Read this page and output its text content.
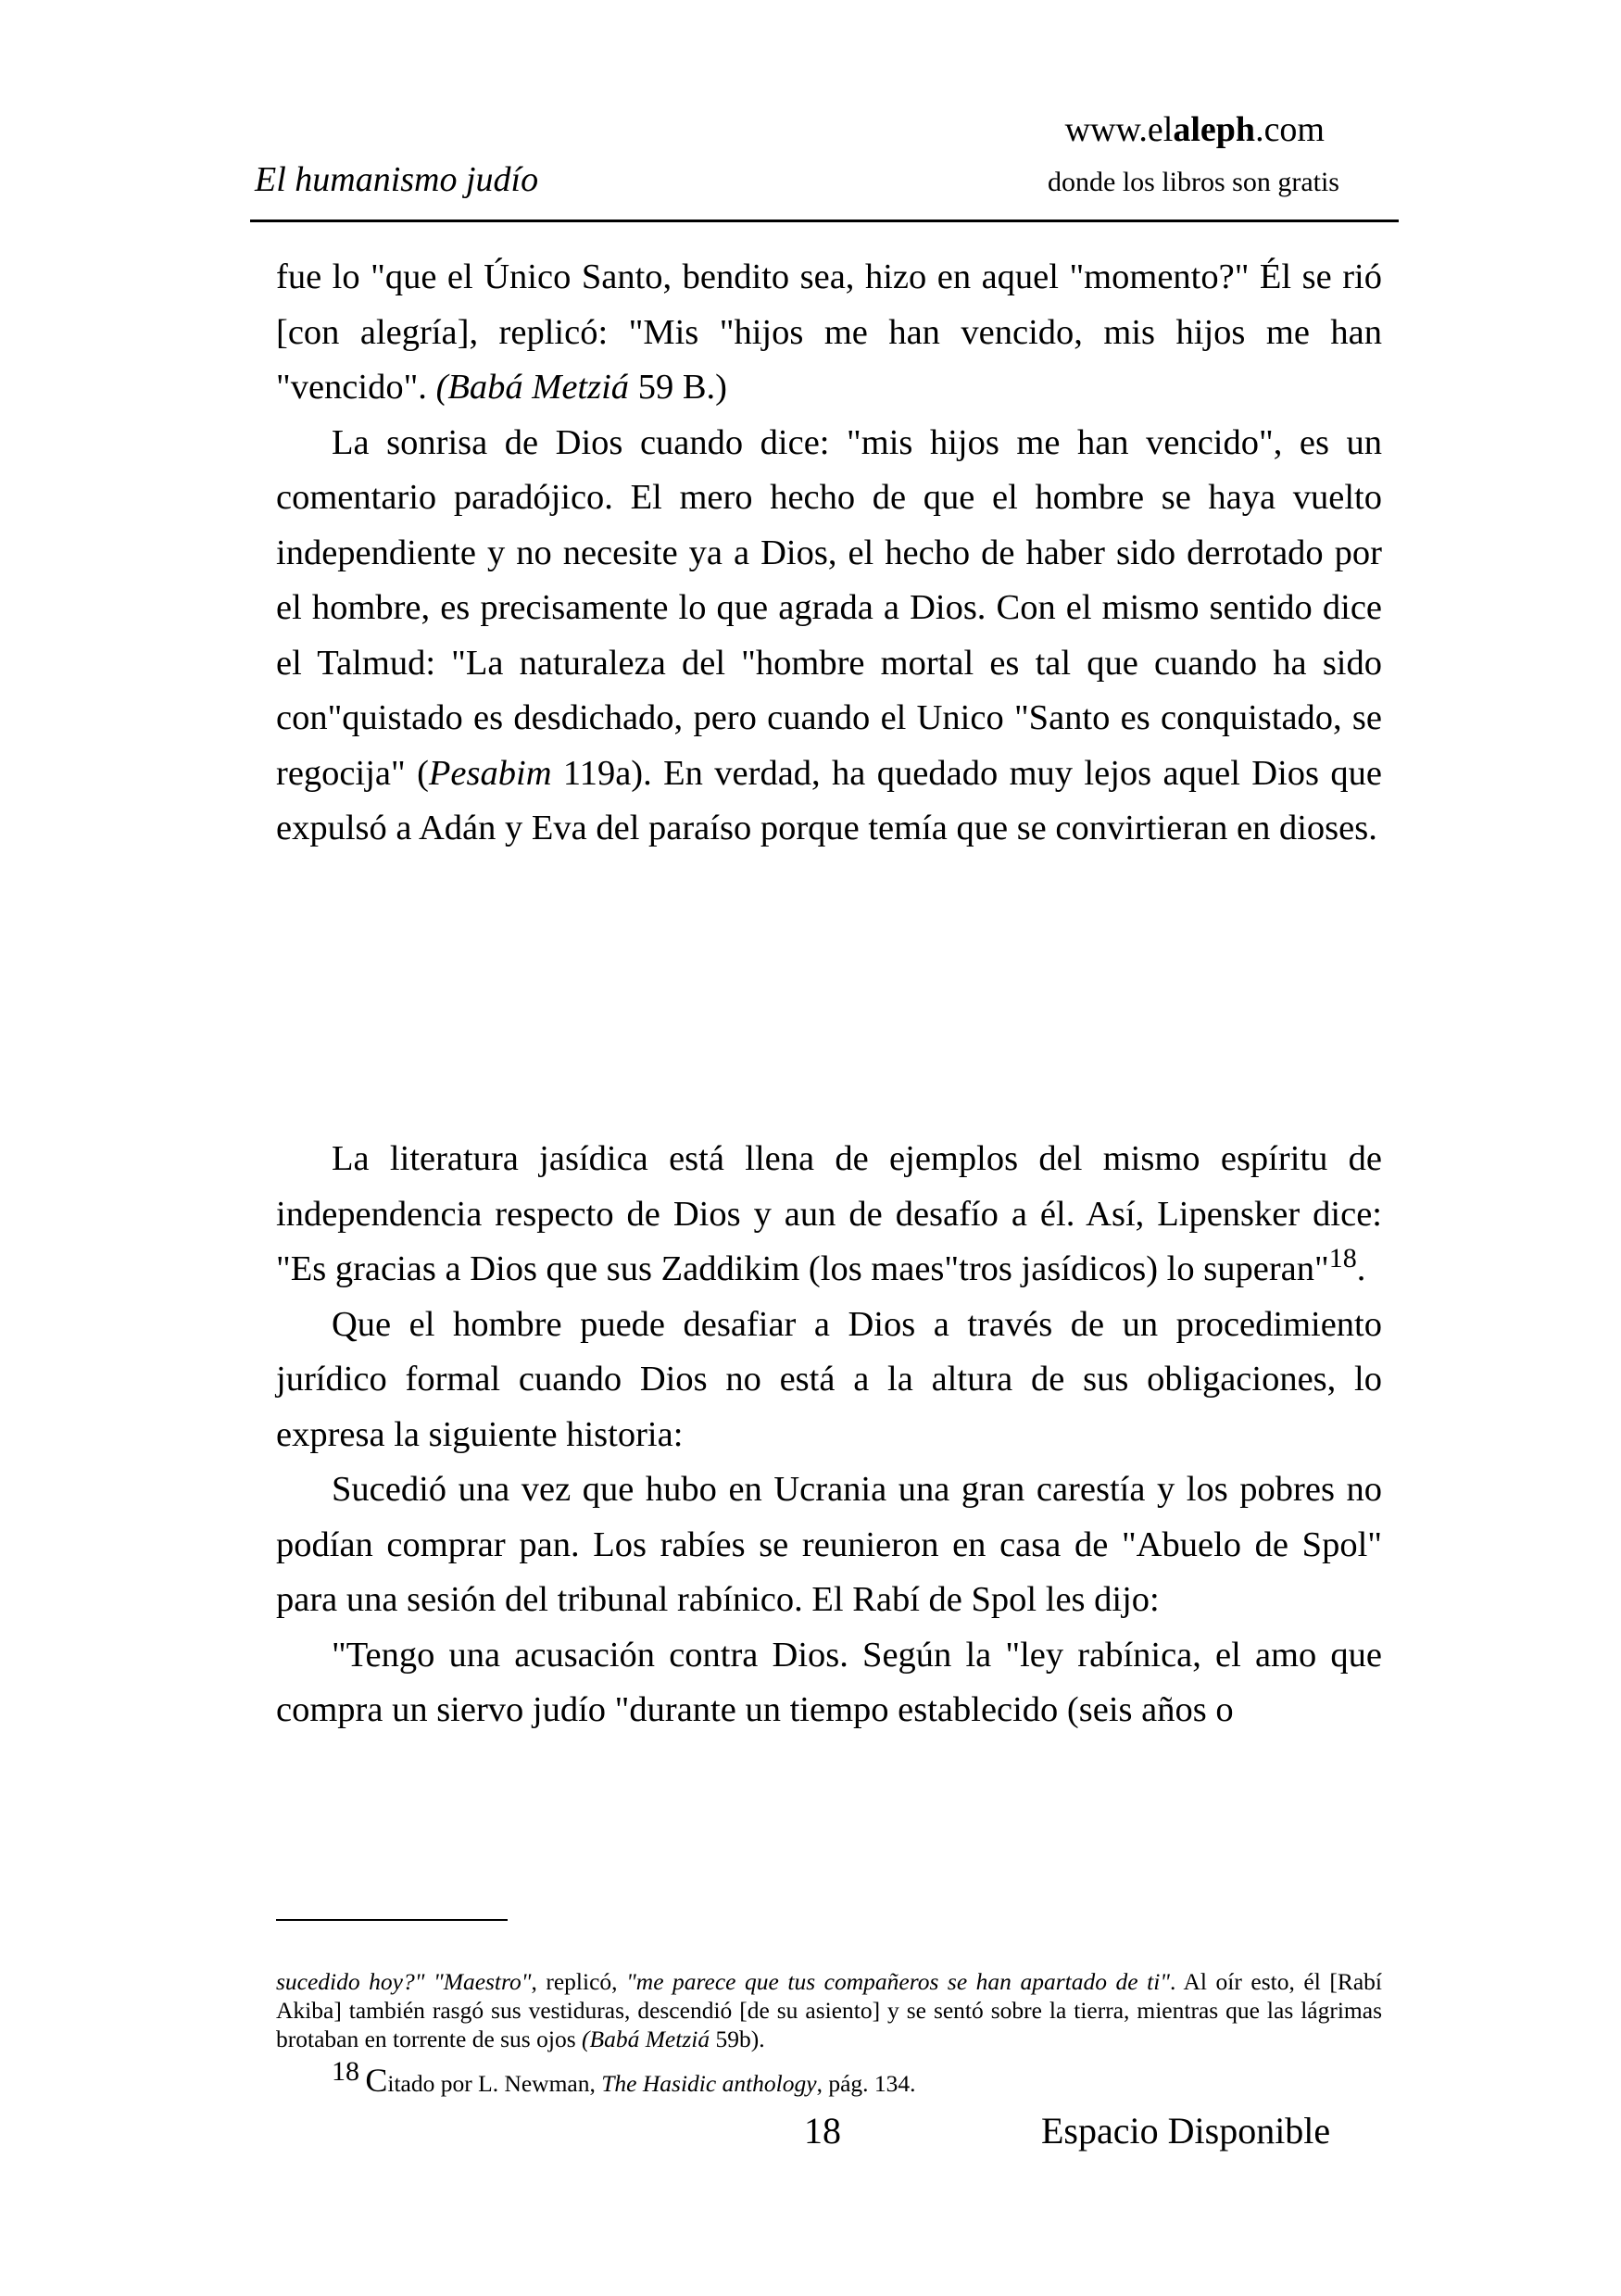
El humanismo judío
www.elaleph.com
donde los libros son gratis

fue lo "que el Único Santo, bendito sea, hizo en aquel "momento?" Él se rió [con alegría], replicó: "Mis "hijos me han vencido, mis hijos me han "vencido". (Babá Metziá 59 B.)

La sonrisa de Dios cuando dice: "mis hijos me han vencido", es un comentario paradójico. El mero hecho de que el hombre se haya vuelto independiente y no necesite ya a Dios, el hecho de haber sido derrotado por el hombre, es precisamente lo que agrada a Dios. Con el mismo sentido dice el Talmud: "La naturaleza del "hombre mortal es tal que cuando ha sido con"quistado es desdichado, pero cuando el Unico "Santo es conquistado, se regocija" (Pesabim 119a). En verdad, ha quedado muy lejos aquel Dios que expulsó a Adán y Eva del paraíso porque temía que se convirtieran en dioses.

La literatura jasídica está llena de ejemplos del mismo espíritu de independencia respecto de Dios y aun de desafío a él. Así, Lipensker dice: "Es gracias a Dios que sus Zaddikim (los maes"tros jasídicos) lo superan"$^{18}$.

Que el hombre puede desafiar a Dios a través de un procedimiento jurídico formal cuando Dios no está a la altura de sus obligaciones, lo expresa la siguiente historia:

Sucedió una vez que hubo en Ucrania una gran carestía y los pobres no podían comprar pan. Los rabíes se reunieron en casa de "Abuelo de Spol" para una sesión del tribunal rabínico. El Rabí de Spol les dijo:

"Tengo una acusación contra Dios. Según la "ley rabínica, el amo que compra un siervo judío "durante un tiempo establecido (seis años o

sucedido hoy?" "Maestro", replicó, "me parece que tus compañeros se han apartado de ti". Al oír esto, él [Rabí Akiba] también rasgó sus vestiduras, descendió [de su asiento] y se sentó sobre la tierra, mientras que las lágrimas brotaban en torrente de sus ojos (Babá Metziá 59b).

18 Citado por L. Newman, The Hasidic anthology, pág. 134.
18	Espacio Disponible
